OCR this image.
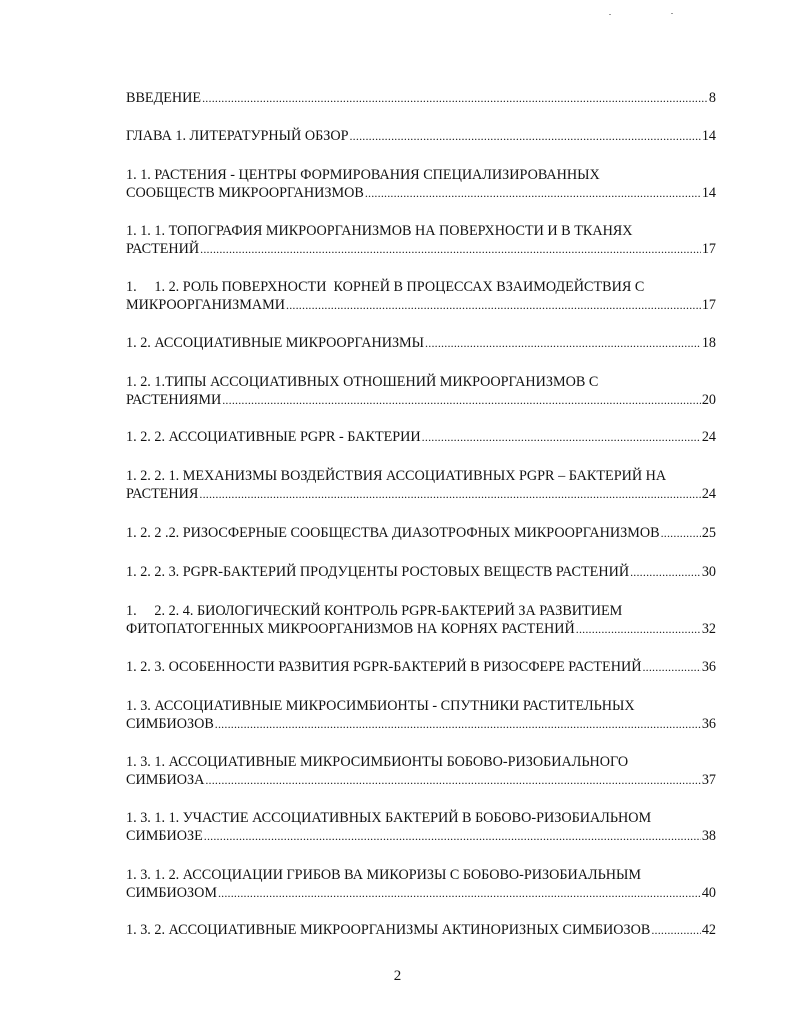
ВВЕДЕНИЕ .....	8
ГЛАВА 1. ЛИТЕРАТУРНЫЙ ОБЗОР .....	14
1. 1. РАСТЕНИЯ - ЦЕНТРЫ ФОРМИРОВАНИЯ СПЕЦИАЛИЗИРОВАННЫХ
СООБЩЕСТВ МИКРООРГАНИЗМОВ .....	14
1. 1. 1. ТОПОГРАФИЯ МИКРООРГАНИЗМОВ НА ПОВЕРХНОСТИ И В ТКАНЯХ
РАСТЕНИЙ .....	17
1.     1. 2. РОЛЬ ПОВЕРХНОСТИ  КОРНЕЙ В ПРОЦЕССАХ ВЗАИМОДЕЙСТВИЯ С
МИКРООРГАНИЗМАМИ .....	17
1. 2. АССОЦИАТИВНЫЕ МИКРООРГАНИЗМЫ .....	18
1. 2. 1.ТИПЫ АССОЦИАТИВНЫХ ОТНОШЕНИЙ МИКРООРГАНИЗМОВ С
РАСТЕНИЯМИ .....	20
1. 2. 2. АССОЦИАТИВНЫЕ PGPR - БАКТЕРИИ .....	24
1. 2. 2. 1. МЕХАНИЗМЫ ВОЗДЕЙСТВИЯ АССОЦИАТИВНЫХ PGPR – БАКТЕРИЙ НА
РАСТЕНИЯ .....	24
1. 2. 2 .2. РИЗОСФЕРНЫЕ СООБЩЕСТВА ДИАЗОТРОФНЫХ МИКРООРГАНИЗМОВ .....	25
1. 2. 2. 3. PGPR-БАКТЕРИЙ ПРОДУЦЕНТЫ РОСТОВЫХ ВЕЩЕСТВ РАСТЕНИЙ .....	30
1.     2. 2. 4. БИОЛОГИЧЕСКИЙ КОНТРОЛЬ PGPR-БАКТЕРИЙ ЗА РАЗВИТИЕМ
ФИТОПАТОГЕННЫХ МИКРООРГАНИЗМОВ НА КОРНЯХ РАСТЕНИЙ .....	32
1. 2. 3. ОСОБЕННОСТИ РАЗВИТИЯ PGPR-БАКТЕРИЙ В РИЗОСФЕРЕ РАСТЕНИЙ .....	36
1. 3. АССОЦИАТИВНЫЕ МИКРОСИМБИОНТЫ - СПУТНИКИ РАСТИТЕЛЬНЫХ
СИМБИОЗОВ .....	36
1. 3. 1. АССОЦИАТИВНЫЕ МИКРОСИМБИОНТЫ БОБОВО-РИЗОБИАЛЬНОГО
СИМБИОЗА .....	37
1. 3. 1. 1. УЧАСТИЕ АССОЦИАТИВНЫХ БАКТЕРИЙ В БОБОВО-РИЗОБИАЛЬНОМ
СИМБИОЗЕ .....	38
1. 3. 1. 2. АССОЦИАЦИИ ГРИБОВ ВА МИКОРИЗЫ С БОБОВО-РИЗОБИАЛЬНЫМ
СИМБИОЗОМ .....	40
1. 3. 2. АССОЦИАТИВНЫЕ МИКРООРГАНИЗМЫ АКТИНОРИЗНЫХ СИМБИОЗОВ .....	42
2
